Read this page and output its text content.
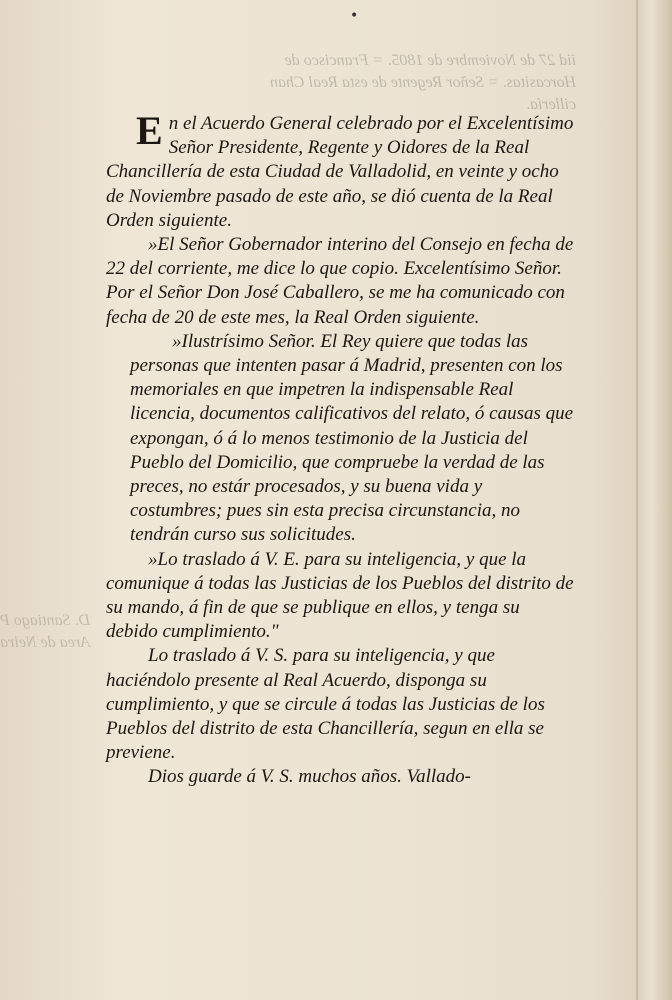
iid 27 de Noviembre de 1805. = Francisco de
Horcasitas. = Señor Regente de esta Real Chan
cillería.
D. Santiago P
Area de Neira
•

En el Acuerdo General celebrado por el Excelentísimo Señor Presidente, Regente y Oidores de la Real Chancillería de esta Ciudad de Valladolid, en veinte y ocho de Noviembre pasado de este año, se dió cuenta de la Real Orden siguiente.

»El Señor Gobernador interino del Consejo en fecha de 22 del corriente, me dice lo que copio. Excelentísimo Señor. Por el Señor Don José Caballero, se me ha comunicado con fecha de 20 de este mes, la Real Orden siguiente.

»Ilustrísimo Señor. El Rey quiere que todas las personas que intenten pasar á Madrid, presenten con los memoriales en que impetren la indispensable Real licencia, documentos calificativos del relato, ó causas que expongan, ó á lo menos testimonio de la Justicia del Pueblo del Domicilio, que compruebe la verdad de las preces, no estár procesados, y su buena vida y costumbres; pues sin esta precisa circunstancia, no tendrán curso sus solicitudes.

»Lo traslado á V. E. para su inteligencia, y que la comunique á todas las Justicias de los Pueblos del distrito de su mando, á fin de que se publique en ellos, y tenga su debido cumplimiento."

Lo traslado á V. S. para su inteligencia, y que haciéndolo presente al Real Acuerdo, disponga su cumplimiento, y que se circule á todas las Justicias de los Pueblos del distrito de esta Chancillería, segun en ella se previene.

Dios guarde á V. S. muchos años. Vallado-
